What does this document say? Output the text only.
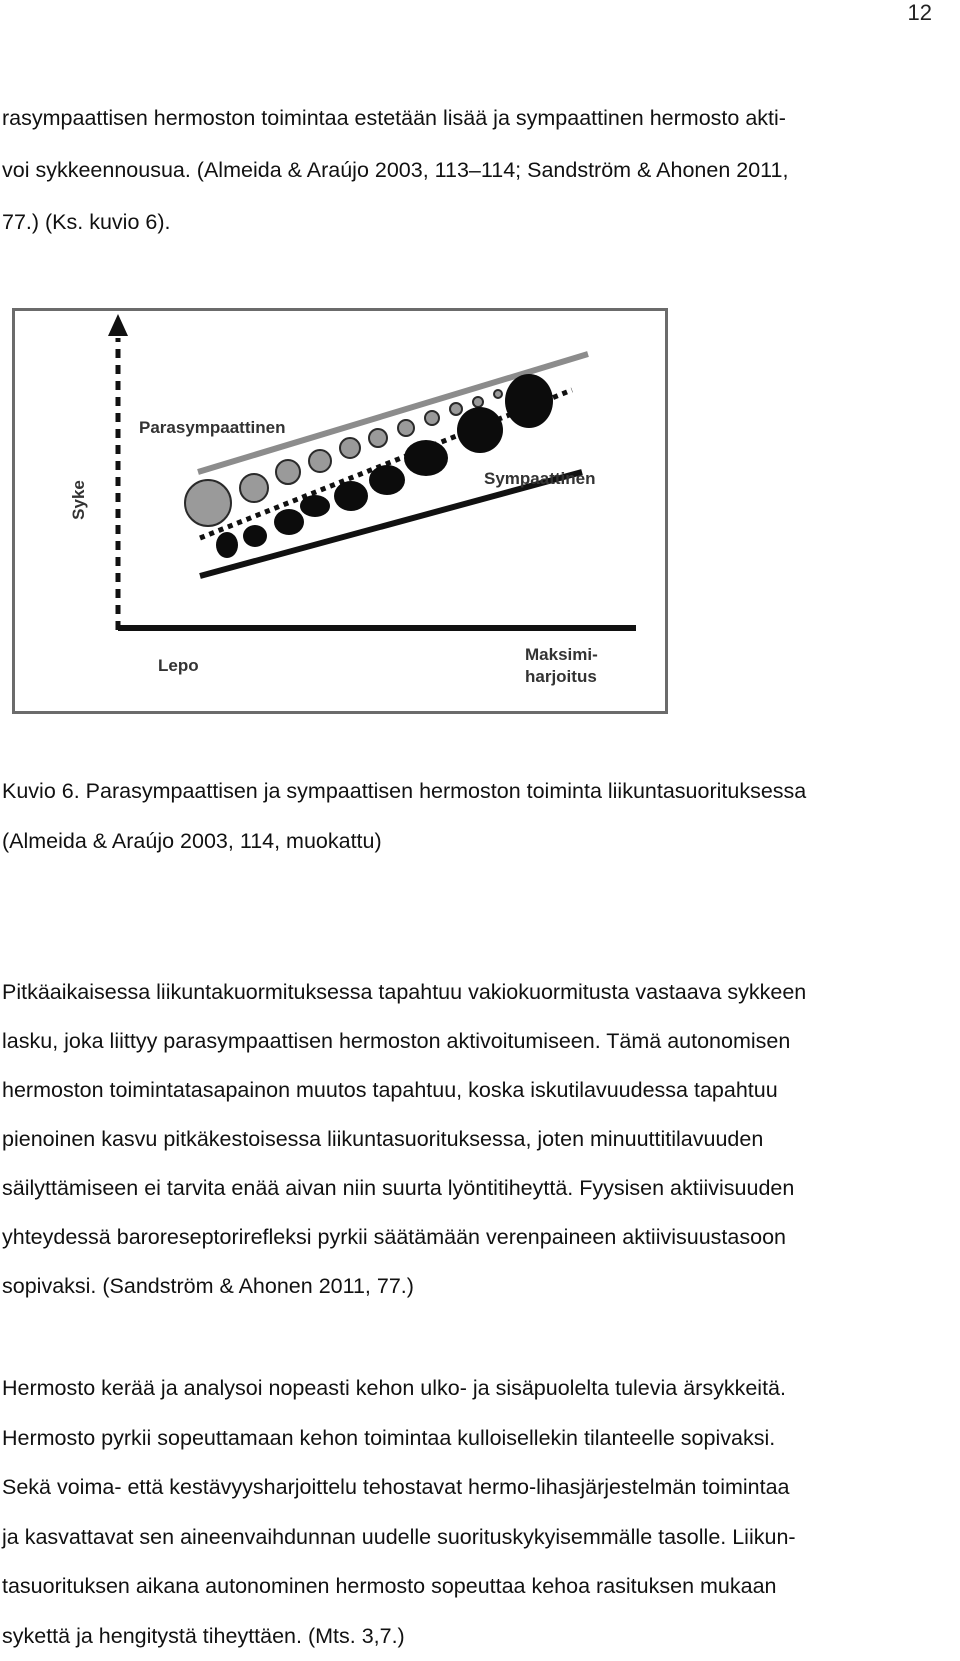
12

rasympaattisen hermoston toimintaa estetään lisää ja sympaattinen hermosto akti-
voi sykkeennousua. (Almeida & Araújo 2003, 113–114; Sandström & Ahonen 2011,
77.) (Ks. kuvio 6).

Syke
Lepo
Maksimi-
harjoitus
Parasympaattinen
Sympaattinen

Kuvio 6. Parasympaattisen ja sympaattisen hermoston toiminta liikuntasuorituksessa
(Almeida & Araújo 2003, 114, muokattu)

Pitkäaikaisessa liikuntakuormituksessa tapahtuu vakiokuormitusta vastaava sykkeen
lasku, joka liittyy parasympaattisen hermoston aktivoitumiseen. Tämä autonomisen
hermoston toimintatasapainon muutos tapahtuu, koska iskutilavuudessa tapahtuu
pienoinen kasvu pitkäkestoisessa liikuntasuorituksessa, joten minuuttitilavuuden
säilyttämiseen ei tarvita enää aivan niin suurta lyöntitiheyttä. Fyysisen aktiivisuuden
yhteydessä baroreseptorirefleksi pyrkii säätämään verenpaineen aktiivisuustasoon
sopivaksi. (Sandström & Ahonen 2011, 77.)

Hermosto kerää ja analysoi nopeasti kehon ulko- ja sisäpuolelta tulevia ärsykkeitä.
Hermosto pyrkii sopeuttamaan kehon toimintaa kulloisellekin tilanteelle sopivaksi.
Sekä voima- että kestävyysharjoittelu tehostavat hermo-lihasjärjestelmän toimintaa
ja kasvattavat sen aineenvaihdunnan uudelle suorituskykyisemmälle tasolle. Liikun-
tasuorituksen aikana autonominen hermosto sopeuttaa kehoa rasituksen mukaan
sykettä ja hengitystä tiheyttäen. (Mts. 3,7.)
